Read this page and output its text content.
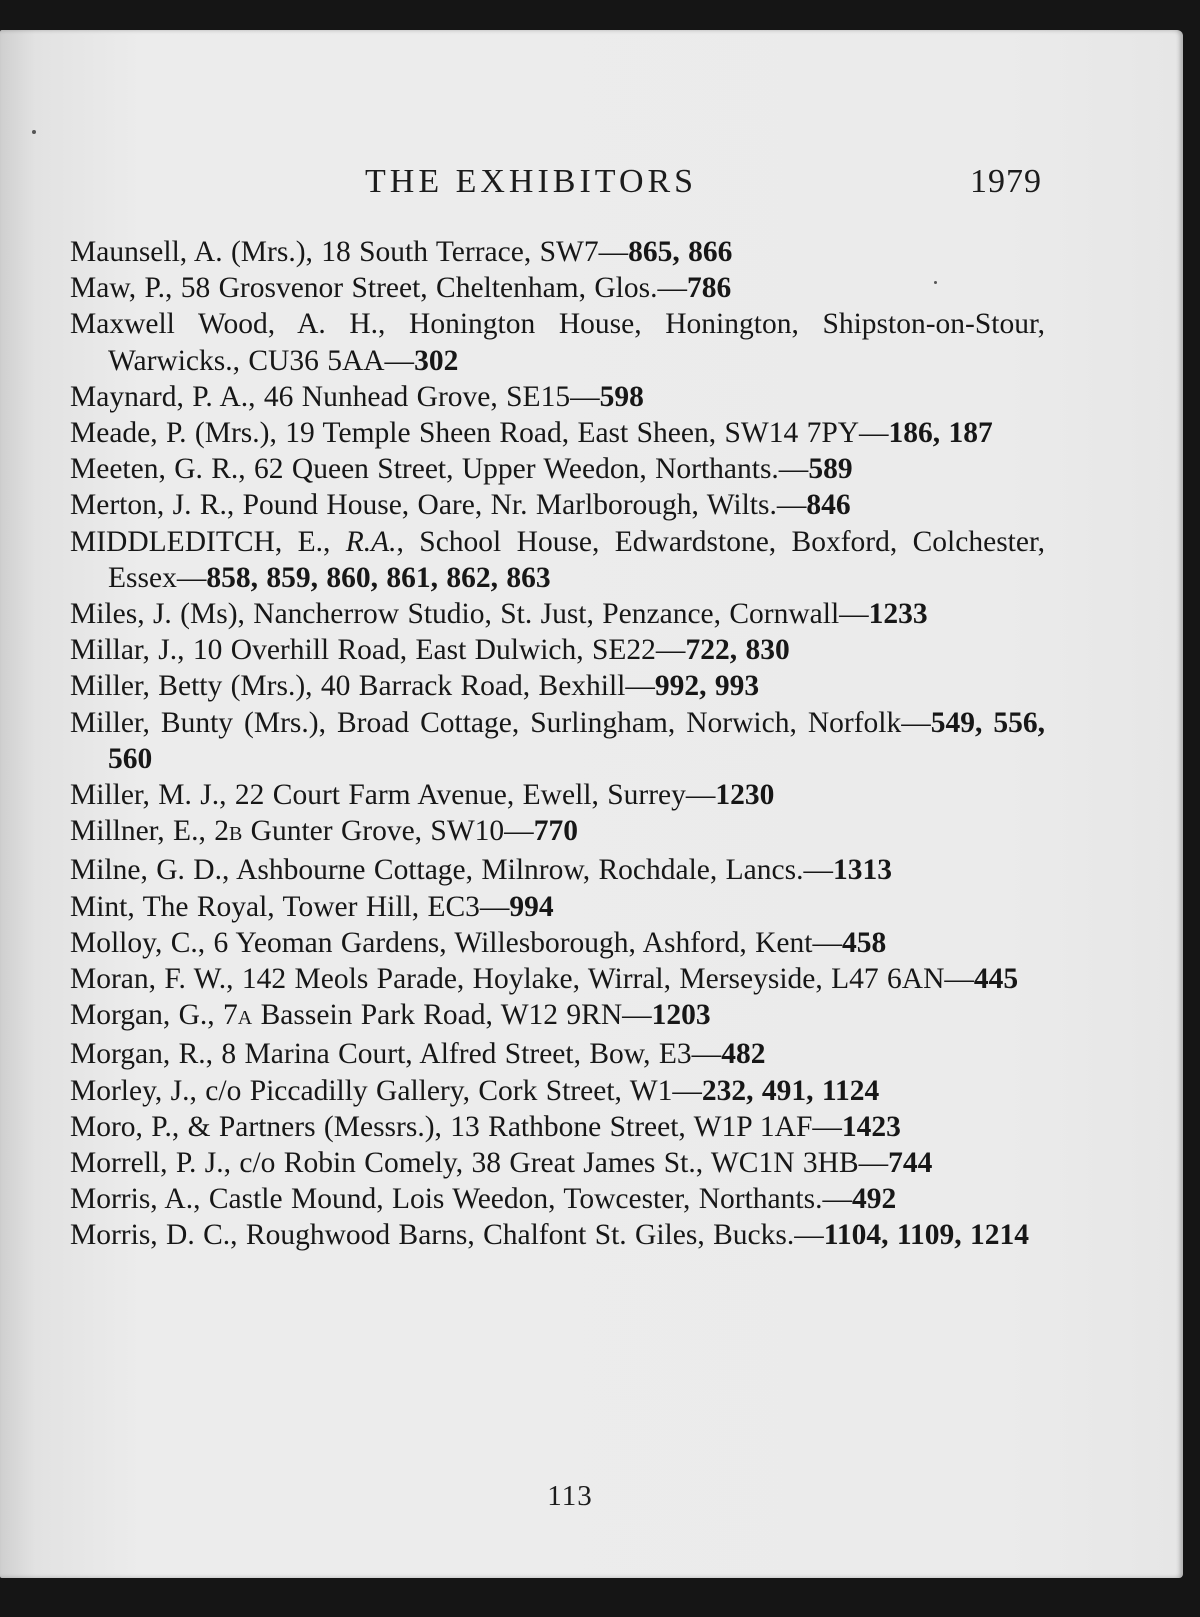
THE EXHIBITORS	1979
Maunsell, A. (Mrs.), 18 South Terrace, SW7—865, 866
Maw, P., 58 Grosvenor Street, Cheltenham, Glos.—786
Maxwell Wood, A. H., Honington House, Honington, Shipston-on-Stour, Warwicks., CU36 5AA—302
Maynard, P. A., 46 Nunhead Grove, SE15—598
Meade, P. (Mrs.), 19 Temple Sheen Road, East Sheen, SW14 7PY—186, 187
Meeten, G. R., 62 Queen Street, Upper Weedon, Northants.—589
Merton, J. R., Pound House, Oare, Nr. Marlborough, Wilts.—846
MIDDLEDITCH, E., R.A., School House, Edwardstone, Boxford, Colchester, Essex—858, 859, 860, 861, 862, 863
Miles, J. (Ms), Nancherrow Studio, St. Just, Penzance, Cornwall—1233
Millar, J., 10 Overhill Road, East Dulwich, SE22—722, 830
Miller, Betty (Mrs.), 40 Barrack Road, Bexhill—992, 993
Miller, Bunty (Mrs.), Broad Cottage, Surlingham, Norwich, Norfolk—549, 556, 560
Miller, M. J., 22 Court Farm Avenue, Ewell, Surrey—1230
Millner, E., 2B Gunter Grove, SW10—770
Milne, G. D., Ashbourne Cottage, Milnrow, Rochdale, Lancs.—1313
Mint, The Royal, Tower Hill, EC3—994
Molloy, C., 6 Yeoman Gardens, Willesborough, Ashford, Kent—458
Moran, F. W., 142 Meols Parade, Hoylake, Wirral, Merseyside, L47 6AN—445
Morgan, G., 7A Bassein Park Road, W12 9RN—1203
Morgan, R., 8 Marina Court, Alfred Street, Bow, E3—482
Morley, J., c/o Piccadilly Gallery, Cork Street, W1—232, 491, 1124
Moro, P., & Partners (Messrs.), 13 Rathbone Street, W1P 1AF—1423
Morrell, P. J., c/o Robin Comely, 38 Great James St., WC1N 3HB—744
Morris, A., Castle Mound, Lois Weedon, Towcester, Northants.—492
Morris, D. C., Roughwood Barns, Chalfont St. Giles, Bucks.—1104, 1109, 1214
113
